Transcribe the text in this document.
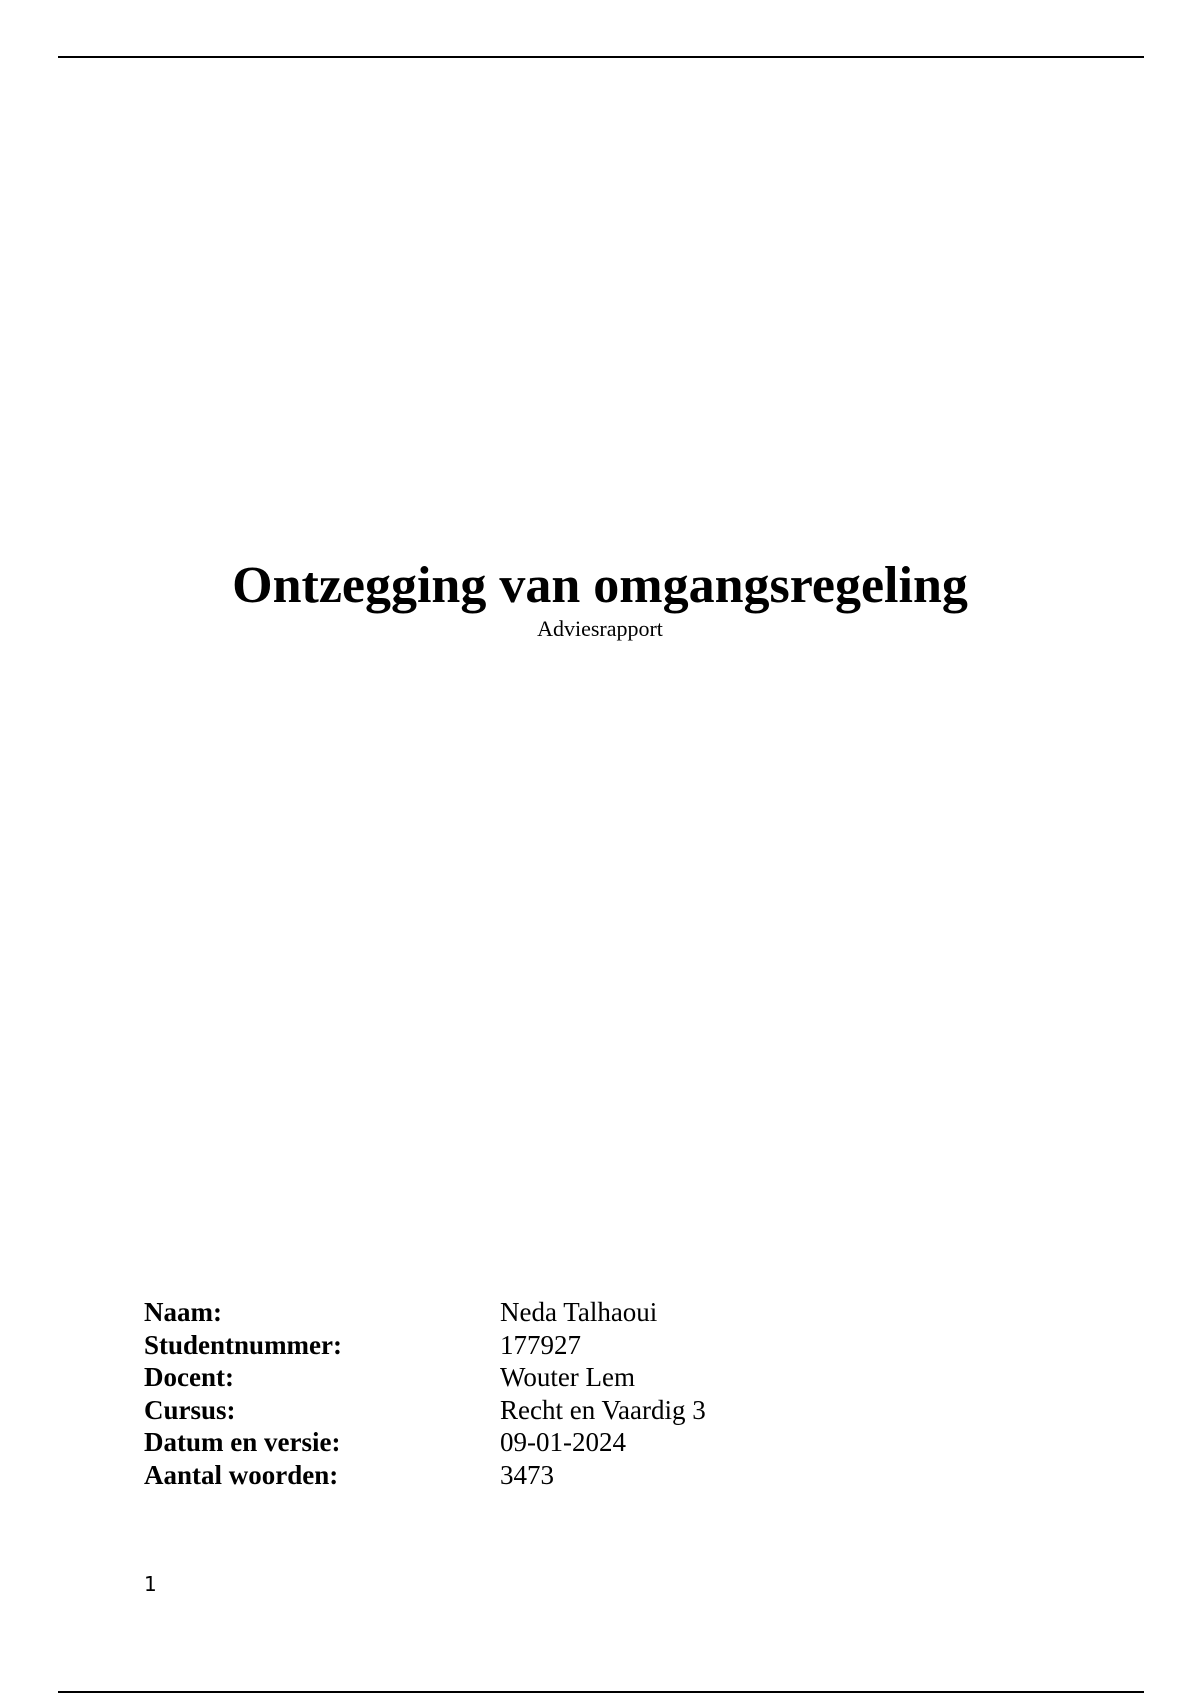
Ontzegging van omgangsregeling

Adviesrapport

Naam:	Neda Talhaoui
Studentnummer:	177927
Docent:	Wouter Lem
Cursus:	Recht en Vaardig 3
Datum en versie:	09-01-2024
Aantal woorden:	3473
1
